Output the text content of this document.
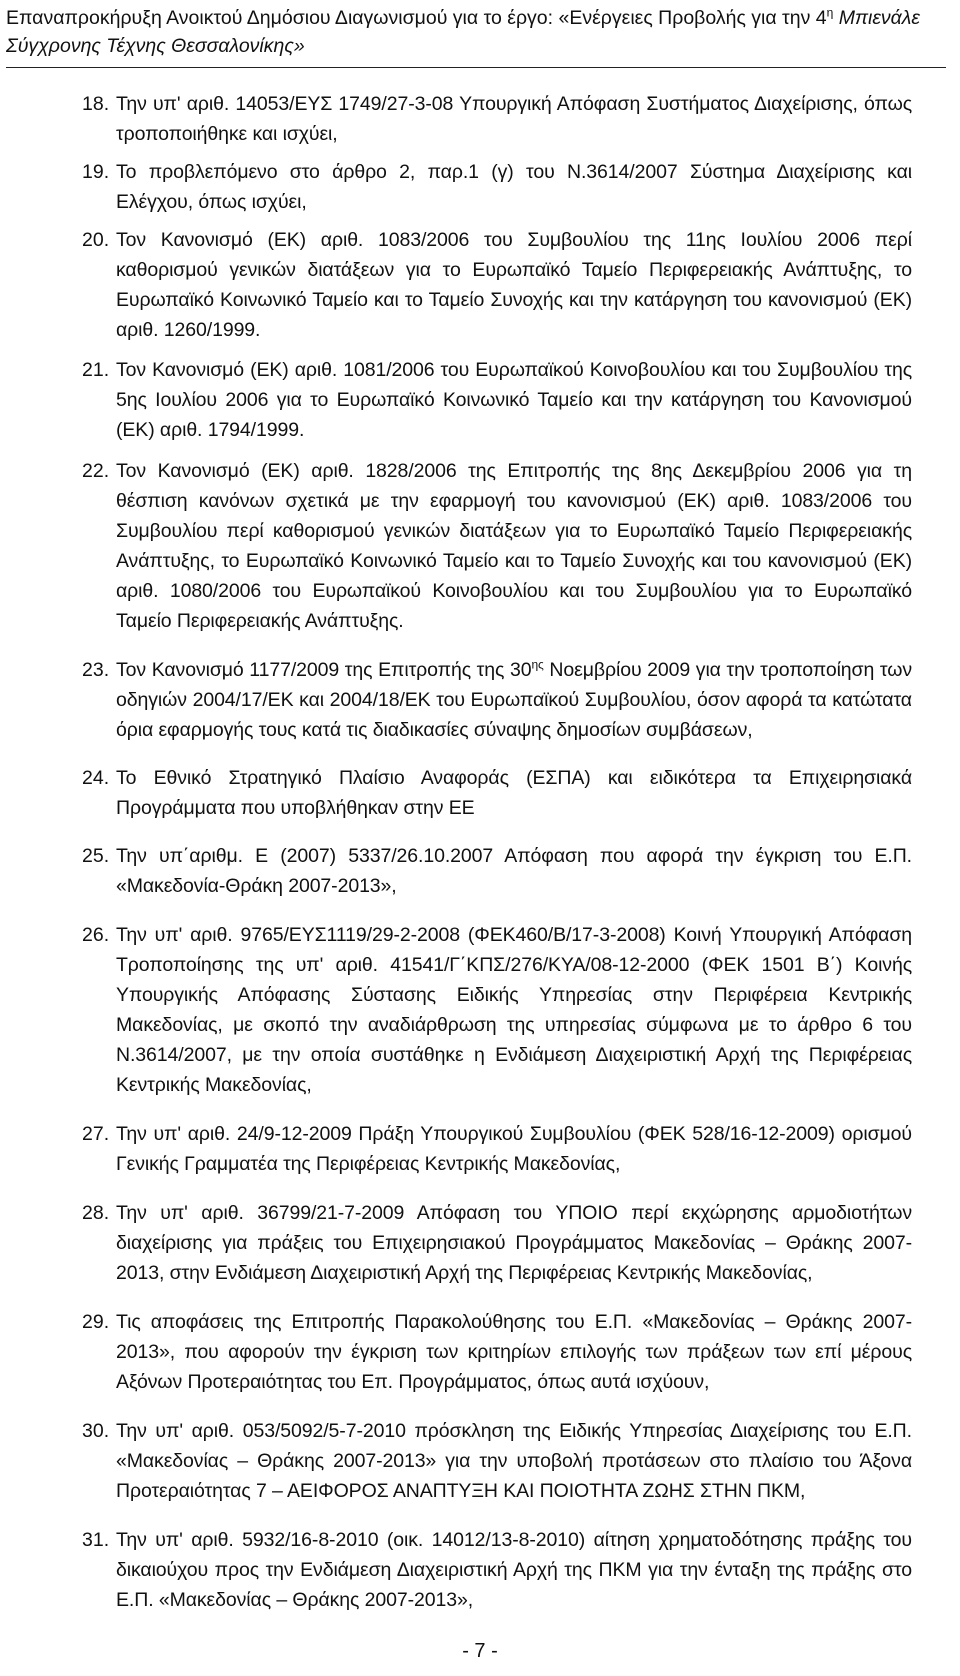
Επαναπροκήρυξη Ανοικτού Δημόσιου Διαγωνισμού για το έργο: «Ενέργειες Προβολής για την $4^\eta$ Μπιενάλε
Σύγχρονης Τέχνης Θεσσαλονίκης»
18. Την υπ' αριθ. 14053/ΕΥΣ 1749/27-3-08 Υπουργική Απόφαση Συστήματος Διαχείρισης, όπως τροποποιήθηκε και ισχύει,
19. Το προβλεπόμενο στο άρθρο 2, παρ.1 (γ) του Ν.3614/2007 Σύστημα Διαχείρισης και Ελέγχου, όπως ισχύει,
20. Τον Κανονισμό (ΕΚ) αριθ. 1083/2006 του Συμβουλίου της 11ης Ιουλίου 2006 περί καθορισμού γενικών διατάξεων για το Ευρωπαϊκό Ταμείο Περιφερειακής Ανάπτυξης, το Ευρωπαϊκό Κοινωνικό Ταμείο και το Ταμείο Συνοχής και την κατάργηση του κανονισμού (ΕΚ) αριθ. 1260/1999.
21. Τον Κανονισμό (ΕΚ) αριθ. 1081/2006 του Ευρωπαϊκού Κοινοβουλίου και του Συμβουλίου της 5ης Ιουλίου 2006 για το Ευρωπαϊκό Κοινωνικό Ταμείο και την κατάργηση του Κανονισμού (ΕΚ) αριθ. 1794/1999.
22. Τον Κανονισμό (ΕΚ) αριθ. 1828/2006 της Επιτροπής της 8ης Δεκεμβρίου 2006 για τη θέσπιση κανόνων σχετικά με την εφαρμογή του κανονισμού (ΕΚ) αριθ. 1083/2006 του Συμβουλίου περί καθορισμού γενικών διατάξεων για το Ευρωπαϊκό Ταμείο Περιφερειακής Ανάπτυξης, το Ευρωπαϊκό Κοινωνικό Ταμείο και το Ταμείο Συνοχής και του κανονισμού (ΕΚ) αριθ. 1080/2006 του Ευρωπαϊκού Κοινοβουλίου και του Συμβουλίου για το Ευρωπαϊκό Ταμείο Περιφερειακής Ανάπτυξης.
23. Τον Κανονισμό 1177/2009 της Επιτροπής της $30^{\eta\varsigma}$ Νοεμβρίου 2009 για την τροποποίηση των οδηγιών 2004/17/ΕΚ και 2004/18/ΕΚ του Ευρωπαϊκού Συμβουλίου, όσον αφορά τα κατώτατα όρια εφαρμογής τους κατά τις διαδικασίες σύναψης δημοσίων συμβάσεων,
24. Το Εθνικό Στρατηγικό Πλαίσιο Αναφοράς (ΕΣΠΑ) και ειδικότερα τα Επιχειρησιακά Προγράμματα που υποβλήθηκαν στην ΕΕ
25. Την υπ΄αριθμ. Ε (2007) 5337/26.10.2007 Απόφαση που αφορά την έγκριση του Ε.Π. «Μακεδονία-Θράκη 2007-2013»,
26. Την υπ' αριθ. 9765/ΕΥΣ1119/29-2-2008 (ΦΕΚ460/Β/17-3-2008) Κοινή Υπουργική Απόφαση Τροποποίησης της υπ' αριθ. 41541/Γ΄ΚΠΣ/276/ΚΥΑ/08-12-2000 (ΦΕΚ 1501 Β΄) Κοινής Υπουργικής Απόφασης Σύστασης Ειδικής Υπηρεσίας στην Περιφέρεια Κεντρικής Μακεδονίας, με σκοπό την αναδιάρθρωση της υπηρεσίας σύμφωνα με το άρθρο 6 του Ν.3614/2007, με την οποία συστάθηκε η Ενδιάμεση Διαχειριστική Αρχή της Περιφέρειας Κεντρικής Μακεδονίας,
27. Την υπ' αριθ. 24/9-12-2009 Πράξη Υπουργικού Συμβουλίου (ΦΕΚ 528/16-12-2009) ορισμού Γενικής Γραμματέα της Περιφέρειας Κεντρικής Μακεδονίας,
28. Την υπ' αριθ. 36799/21-7-2009 Απόφαση του ΥΠΟΙΟ περί εκχώρησης αρμοδιοτήτων διαχείρισης για πράξεις του Επιχειρησιακού Προγράμματος Μακεδονίας – Θράκης 2007-2013, στην Ενδιάμεση Διαχειριστική Αρχή της Περιφέρειας Κεντρικής Μακεδονίας,
29. Τις αποφάσεις της Επιτροπής Παρακολούθησης του Ε.Π. «Μακεδονίας – Θράκης 2007-2013», που αφορούν την έγκριση των κριτηρίων επιλογής των πράξεων των επί μέρους Αξόνων Προτεραιότητας του Επ. Προγράμματος, όπως αυτά ισχύουν,
30. Την υπ' αριθ. 053/5092/5-7-2010 πρόσκληση της Ειδικής Υπηρεσίας Διαχείρισης του Ε.Π. «Μακεδονίας – Θράκης 2007-2013» για την υποβολή προτάσεων στο πλαίσιο του Άξονα Προτεραιότητας 7 – ΑΕΙΦΟΡΟΣ ΑΝΑΠΤΥΞΗ ΚΑΙ ΠΟΙΟΤΗΤΑ ΖΩΗΣ ΣΤΗΝ ΠΚΜ,
31. Την υπ' αριθ. 5932/16-8-2010 (οικ. 14012/13-8-2010) αίτηση χρηματοδότησης πράξης του δικαιούχου προς την Ενδιάμεση Διαχειριστική Αρχή της ΠΚΜ για την ένταξη της πράξης στο Ε.Π. «Μακεδονίας – Θράκης 2007-2013»,
- 7 -
